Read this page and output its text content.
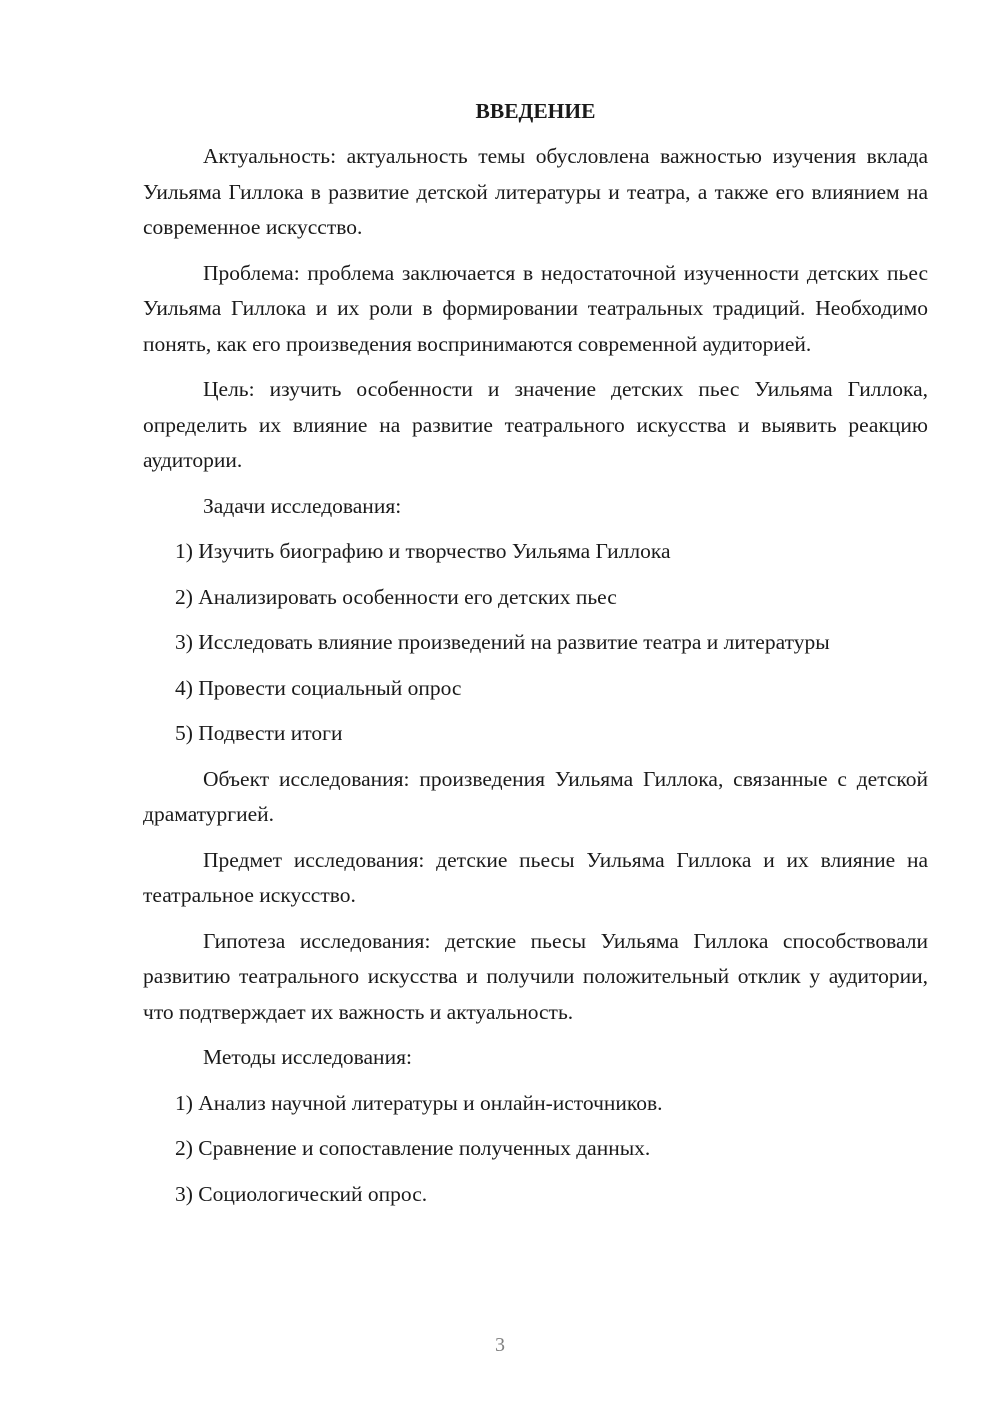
ВВЕДЕНИЕ

Актуальность: актуальность темы обусловлена важностью изучения вклада Уильяма Гиллока в развитие детской литературы и театра, а также его влиянием на современное искусство.

Проблема: проблема заключается в недостаточной изученности детских пьес Уильяма Гиллока и их роли в формировании театральных традиций. Необходимо понять, как его произведения воспринимаются современной аудиторией.

Цель: изучить особенности и значение детских пьес Уильяма Гиллока, определить их влияние на развитие театрального искусства и выявить реакцию аудитории.

Задачи исследования:

1) Изучить биографию и творчество Уильяма Гиллока

2) Анализировать особенности его детских пьес

3) Исследовать влияние произведений на развитие театра и литературы

4) Провести социальный опрос

5) Подвести итоги

Объект исследования: произведения Уильяма Гиллока, связанные с детской драматургией.

Предмет исследования: детские пьесы Уильяма Гиллока и их влияние на театральное искусство.

Гипотеза исследования: детские пьесы Уильяма Гиллока способствовали развитию театрального искусства и получили положительный отклик у аудитории, что подтверждает их важность и актуальность.

Методы исследования:

1) Анализ научной литературы и онлайн-источников.

2) Сравнение и сопоставление полученных данных.

3) Социологический опрос.

3
